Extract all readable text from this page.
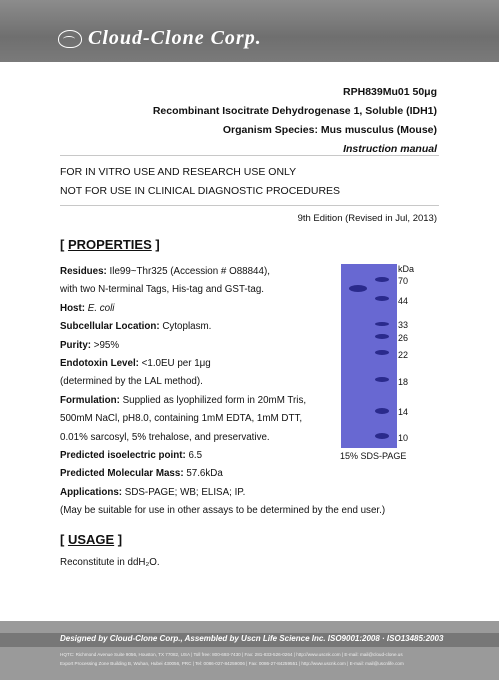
Cloud-Clone Corp.
RPH839Mu01 50μg
Recombinant Isocitrate Dehydrogenase 1, Soluble (IDH1)
Organism Species: Mus musculus (Mouse)
Instruction manual
FOR IN VITRO USE AND RESEARCH USE ONLY
NOT FOR USE IN CLINICAL DIAGNOSTIC PROCEDURES
9th Edition (Revised in Jul, 2013)
[ PROPERTIES ]
Residues: Ile99~Thr325 (Accession # O88844),
with two N-terminal Tags, His-tag and GST-tag.
Host: E. coli
Subcellular Location: Cytoplasm.
Purity: >95%
Endotoxin Level: <1.0EU per 1μg
(determined by the LAL method).
Formulation: Supplied as lyophilized form in 20mM Tris,
500mM NaCl, pH8.0, containing 1mM EDTA, 1mM DTT,
0.01% sarcosyl, 5% trehalose, and preservative.
Predicted isoelectric point: 6.5
Predicted Molecular Mass: 57.6kDa
Applications: SDS-PAGE; WB; ELISA; IP.
(May be suitable for use in other assays to be determined by the end user.)
kDa
70
44
33
26
22
18
14
10
15% SDS-PAGE
[ USAGE ]
Reconstitute in ddH₂O.
Designed by Cloud-Clone Corp., Assembled by Uscn Life Science Inc. ISO9001:2008 · ISO13485:2003
HQTC: Richmond Avenue Suite 9056, Houston, TX 77082, USA | Toll free: 800-693-7430 | Fax: 281-833-526-0264 | http://www.uscnk.com | E-mail: mail@cloud-clone.us
Export Processing Zone Building B, Wuhan, Hubei 430056, PRC | Tel: 0086-027-84259006 | Fax: 0086-27-84259551 | http://www.uscnk.com | E-mail: mail@uscnlife.com
